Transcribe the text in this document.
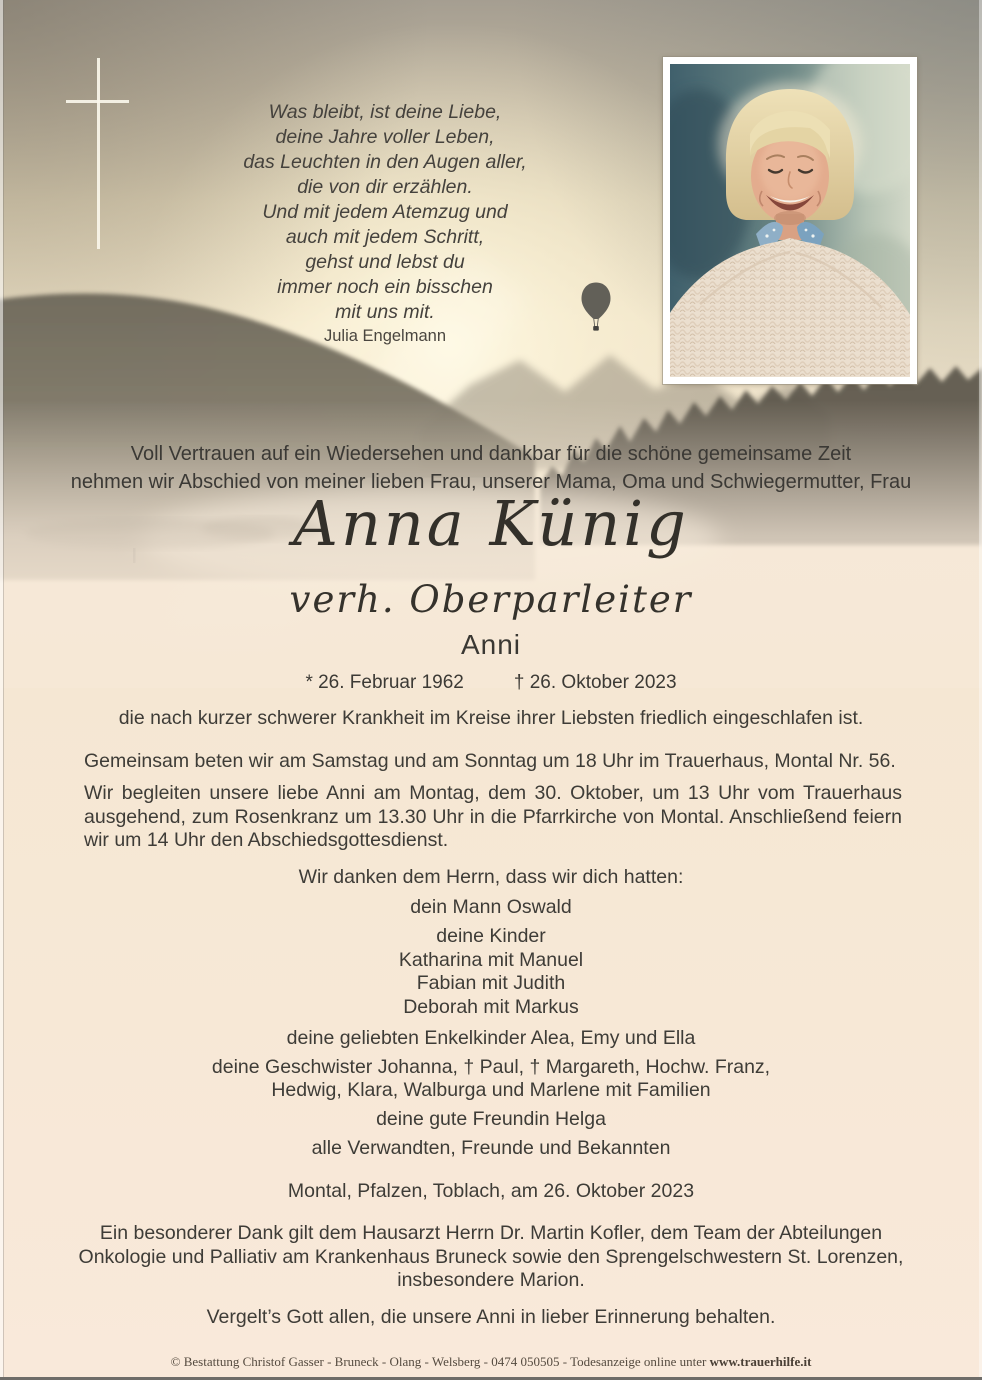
Was bleibt, ist deine Liebe,
deine Jahre voller Leben,
das Leuchten in den Augen aller,
die von dir erzählen.
Und mit jedem Atemzug und
auch mit jedem Schritt,
gehst und lebst du
immer noch ein bisschen
mit uns mit.
Julia Engelmann
Voll Vertrauen auf ein Wiedersehen und dankbar für die schöne gemeinsame Zeit
nehmen wir Abschied von meiner lieben Frau, unserer Mama, Oma und Schwiegermutter, Frau
Anna Künig
verh. Oberparleiter
Anni
* 26. Februar 1962	† 26. Oktober 2023
die nach kurzer schwerer Krankheit im Kreise ihrer Liebsten friedlich eingeschlafen ist.
Gemeinsam beten wir am Samstag und am Sonntag um 18 Uhr im Trauerhaus, Montal Nr. 56.
Wir begleiten unsere liebe Anni am Montag, dem 30. Oktober, um 13 Uhr vom Trauerhaus ausgehend, zum Rosenkranz um 13.30 Uhr in die Pfarrkirche von Montal. Anschließend feiern wir um 14 Uhr den Abschiedsgottesdienst.
Wir danken dem Herrn, dass wir dich hatten:
dein Mann Oswald
deine Kinder
Katharina mit Manuel
Fabian mit Judith
Deborah mit Markus
deine geliebten Enkelkinder Alea, Emy und Ella
deine Geschwister Johanna, † Paul, † Margareth, Hochw. Franz,
Hedwig, Klara, Walburga und Marlene mit Familien
deine gute Freundin Helga
alle Verwandten, Freunde und Bekannten
Montal, Pfalzen, Toblach, am 26. Oktober 2023
Ein besonderer Dank gilt dem Hausarzt Herrn Dr. Martin Kofler, dem Team der Abteilungen
Onkologie und Palliativ am Krankenhaus Bruneck sowie den Sprengelschwestern St. Lorenzen,
insbesondere Marion.
Vergelt’s Gott allen, die unsere Anni in lieber Erinnerung behalten.
© Bestattung Christof Gasser - Bruneck - Olang - Welsberg - 0474 050505 - Todesanzeige online unter www.trauerhilfe.it
